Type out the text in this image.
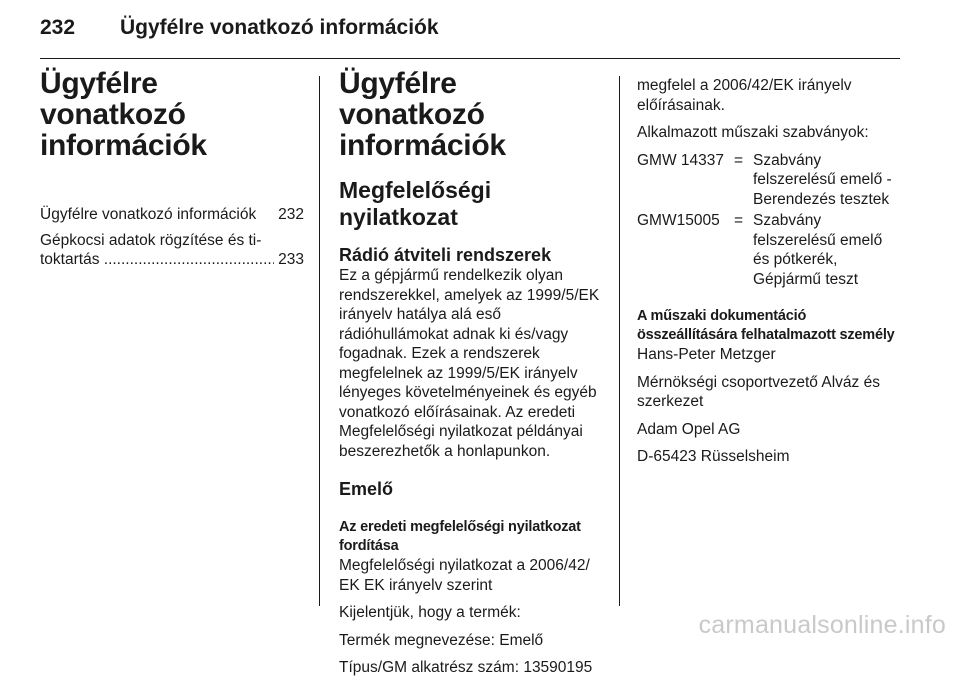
232 Ügyfélre vonatkozó információk
Ügyfélre vonatkozó információk
Ügyfélre vonatkozó információk 232

Gépkocsi adatok rögzítése és ti-

toktartás .....	233
Ügyfélre vonatkozó információk
Megfelelőségi nyilatkozat
Rádió átviteli rendszerek

Ez a gépjármű rendelkezik olyan rendszerekkel, amelyek az 1999/5/EK irányelv hatálya alá eső rádióhullámokat adnak ki és/vagy fogadnak. Ezek a rendszerek megfelelnek az 1999/5/EK irányelv lényeges követelményeinek és egyéb vonatkozó előírásainak. Az eredeti Megfelelőségi nyilatkozat példányai beszerezhetők a honlapunkon.

Emelő

Az eredeti megfelelőségi nyilatkozat fordítása

Megfelelőségi nyilatkozat a 2006/42/ EK EK irányelv szerint

Kijelentjük, hogy a termék:

Termék megnevezése: Emelő

Típus/GM alkatrész szám: 13590195

megfelel a 2006/42/EK irányelv előírásainak.

Alkalmazott műszaki szabványok:

GMW 14337 = Szabvány felszerelésű emelő - Berendezés tesztek
GMW15005 = Szabvány felszerelésű emelő és pótkerék, Gépjármű teszt

A műszaki dokumentáció összeállítására felhatalmazott személy

Hans-Peter Metzger

Mérnökségi csoportvezető Alváz és szerkezet

Adam Opel AG

D-65423 Rüsselsheim

carmanualsonline.info
